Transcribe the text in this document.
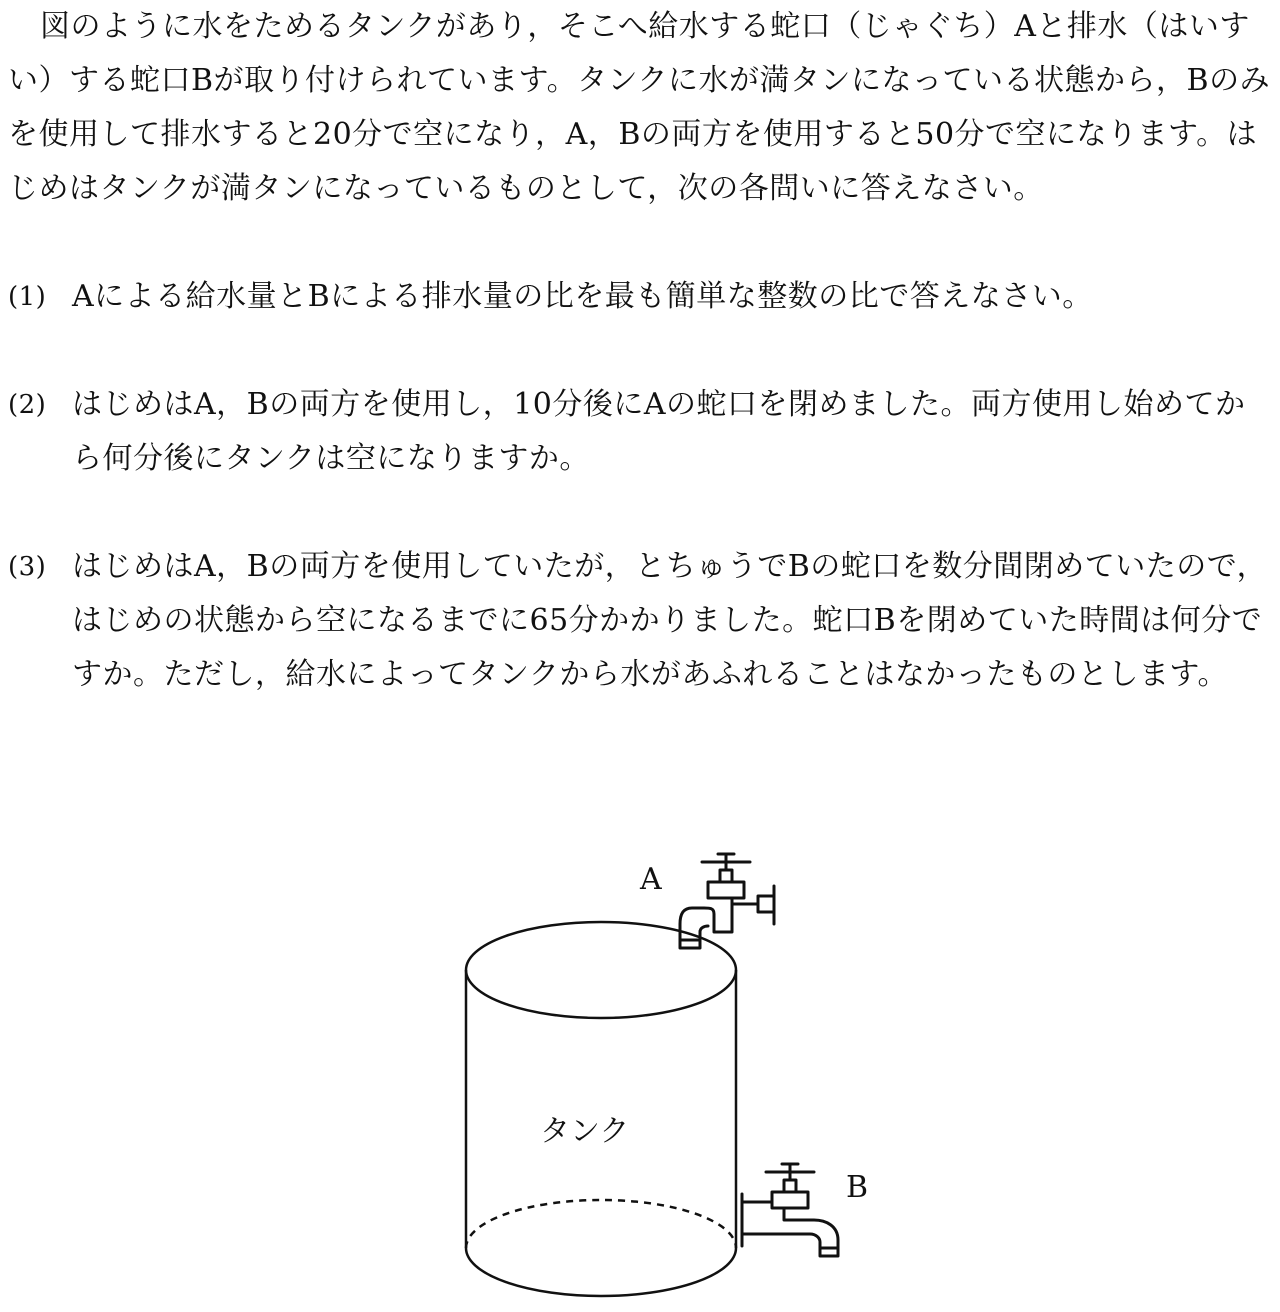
図のように水をためるタンクがあり，そこへ給水する蛇口（じゃぐち）Aと排水（はいすい）する蛇口Bが取り付けられています。タンクに水が満タンになっている状態から，Bのみを使用して排水すると20分で空になり，A，Bの両方を使用すると50分で空になります。はじめはタンクが満タンになっているものとして，次の各問いに答えなさい。

(1) Aによる給水量とBによる排水量の比を最も簡単な整数の比で答えなさい。

(2) はじめはA，Bの両方を使用し，10分後にAの蛇口を閉めました。両方使用し始めてから何分後にタンクは空になりますか。

(3) はじめはA，Bの両方を使用していたが，とちゅうでBの蛇口を数分間閉めていたので，はじめの状態から空になるまでに65分かかりました。蛇口Bを閉めていた時間は何分ですか。ただし，給水によってタンクから水があふれることはなかったものとします。

タンク
A
B
